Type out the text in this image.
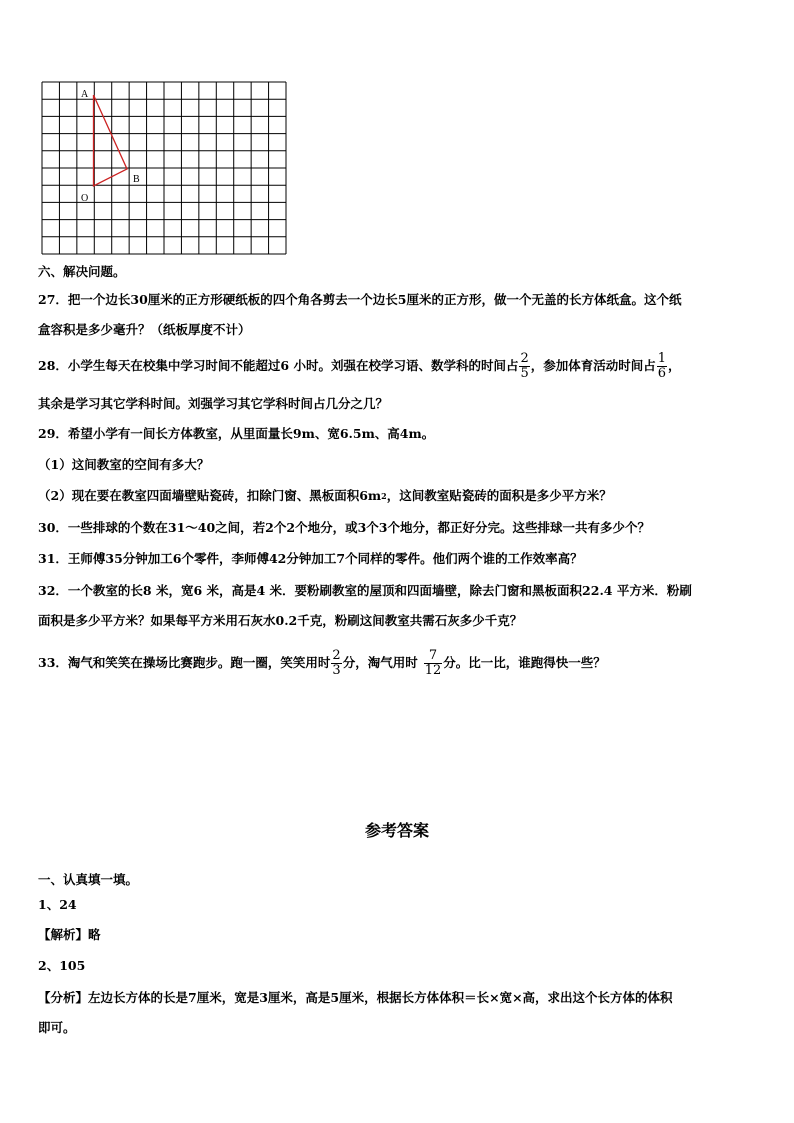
A
B
O
六、解决问题。
27．把一个边长30厘米的正方形硬纸板的四个角各剪去一个边长5厘米的正方形，做一个无盖的长方体纸盒。这个纸
盒容积是多少毫升？（纸板厚度不计）
28．小学生每天在校集中学习时间不能超过6 小时。刘强在校学习语、数学科的时间占 $\frac{2}{5}$ ，参加体育活动时间占 $\frac{1}{6}$ ，
其余是学习其它学科时间。刘强学习其它学科时间占几分之几？
29．希望小学有一间长方体教室，从里面量长9m、宽6.5m、高4m。
（1）这间教室的空间有多大？
（2）现在要在教室四面墙壁贴瓷砖，扣除门窗、黑板面积$6m^2$，这间教室贴瓷砖的面积是多少平方米？
30．一些排球的个数在31～40之间，若2个2个地分，或3个3个地分，都正好分完。这些排球一共有多少个？
31．王师傅35分钟加工6个零件，李师傅42分钟加工7个同样的零件。他们两个谁的工作效率高？
32．一个教室的长8 米，宽6 米，高是4 米．要粉刷教室的屋顶和四面墙壁，除去门窗和黑板面积22.4 平方米．粉刷
面积是多少平方米？如果每平方米用石灰水0.2千克，粉刷这间教室共需石灰多少千克？
33．淘气和笑笑在操场比赛跑步。跑一圈，笑笑用时 $\frac{2}{3}$ 分，淘气用时 $\frac{7}{12}$ 分。比一比，谁跑得快一些？
参考答案
一、认真填一填。
1、24
【解析】略
2、105
【分析】左边长方体的长是7厘米，宽是3厘米，高是5厘米，根据长方体体积＝长×宽×高，求出这个长方体的体积
即可。
